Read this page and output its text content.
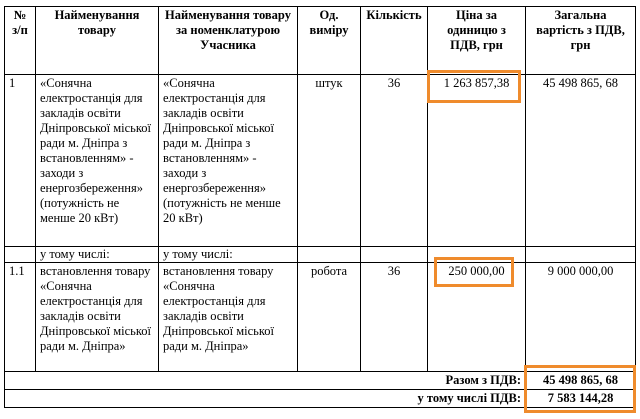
№ з/п	Найменування товару	Найменування товару за номенклатурою Учасника	Од. виміру	Кількість	Ціна за одиницю з ПДВ, грн	Загальна вартість з ПДВ, грн
1	«Сонячна електростанція для закладів освіти Дніпровської міської ради м. Дніпра з встановленням» - заходи з енергозбереження» (потужність не менше 20 кВт)	«Сонячна електростанція для закладів освіти Дніпровської міської ради м. Дніпра з встановленням» - заходи з енергозбереження» (потужність не менше 20 кВт)	штук	36	1 263 857,38	45 498 865, 68
	у тому числі:	у тому числі:				
1.1	встановлення товару «Сонячна електростанція для закладів освіти Дніпровської міської ради м. Дніпра»	встановлення товару «Сонячна електростанція для закладів освіти Дніпровської міської ради м. Дніпра»	робота	36	250 000,00	9 000 000,00
Разом з ПДВ:						45 498 865, 68
у тому числі ПДВ:						7 583 144,28
